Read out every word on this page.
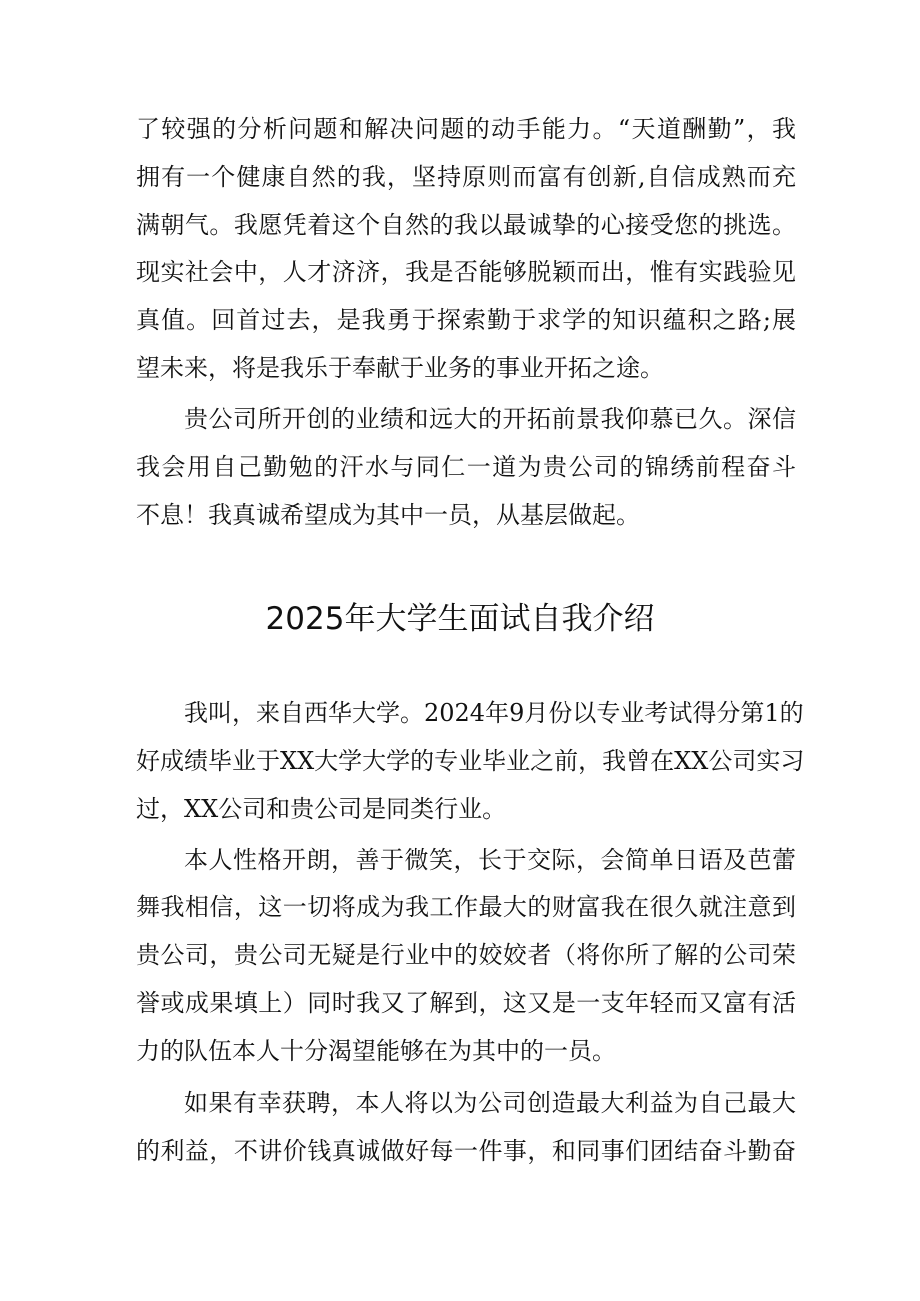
了较强的分析问题和解决问题的动手能力。“天道酬勤”，我
拥有一个健康自然的我，坚持原则而富有创新,自信成熟而充
满朝气。我愿凭着这个自然的我以最诚挚的心接受您的挑选。
现实社会中，人才济济，我是否能够脱颖而出，惟有实践验见
真值。回首过去，是我勇于探索勤于求学的知识蕴积之路;展
望未来，将是我乐于奉献于业务的事业开拓之途。
贵公司所开创的业绩和远大的开拓前景我仰慕已久。深信
我会用自己勤勉的汗水与同仁一道为贵公司的锦绣前程奋斗
不息！我真诚希望成为其中一员，从基层做起。
2025年大学生面试自我介绍
我叫，来自西华大学。2024年9月份以专业考试得分第1的
好成绩毕业于XX大学大学的专业毕业之前，我曾在XX公司实习
过，XX公司和贵公司是同类行业。
本人性格开朗，善于微笑，长于交际，会简单日语及芭蕾
舞我相信，这一切将成为我工作最大的财富我在很久就注意到
贵公司，贵公司无疑是行业中的姣姣者（将你所了解的公司荣
誉或成果填上）同时我又了解到，这又是一支年轻而又富有活
力的队伍本人十分渴望能够在为其中的一员。
如果有幸获聘，本人将以为公司创造最大利益为自己最大
的利益，不讲价钱真诚做好每一件事，和同事们团结奋斗勤奋
